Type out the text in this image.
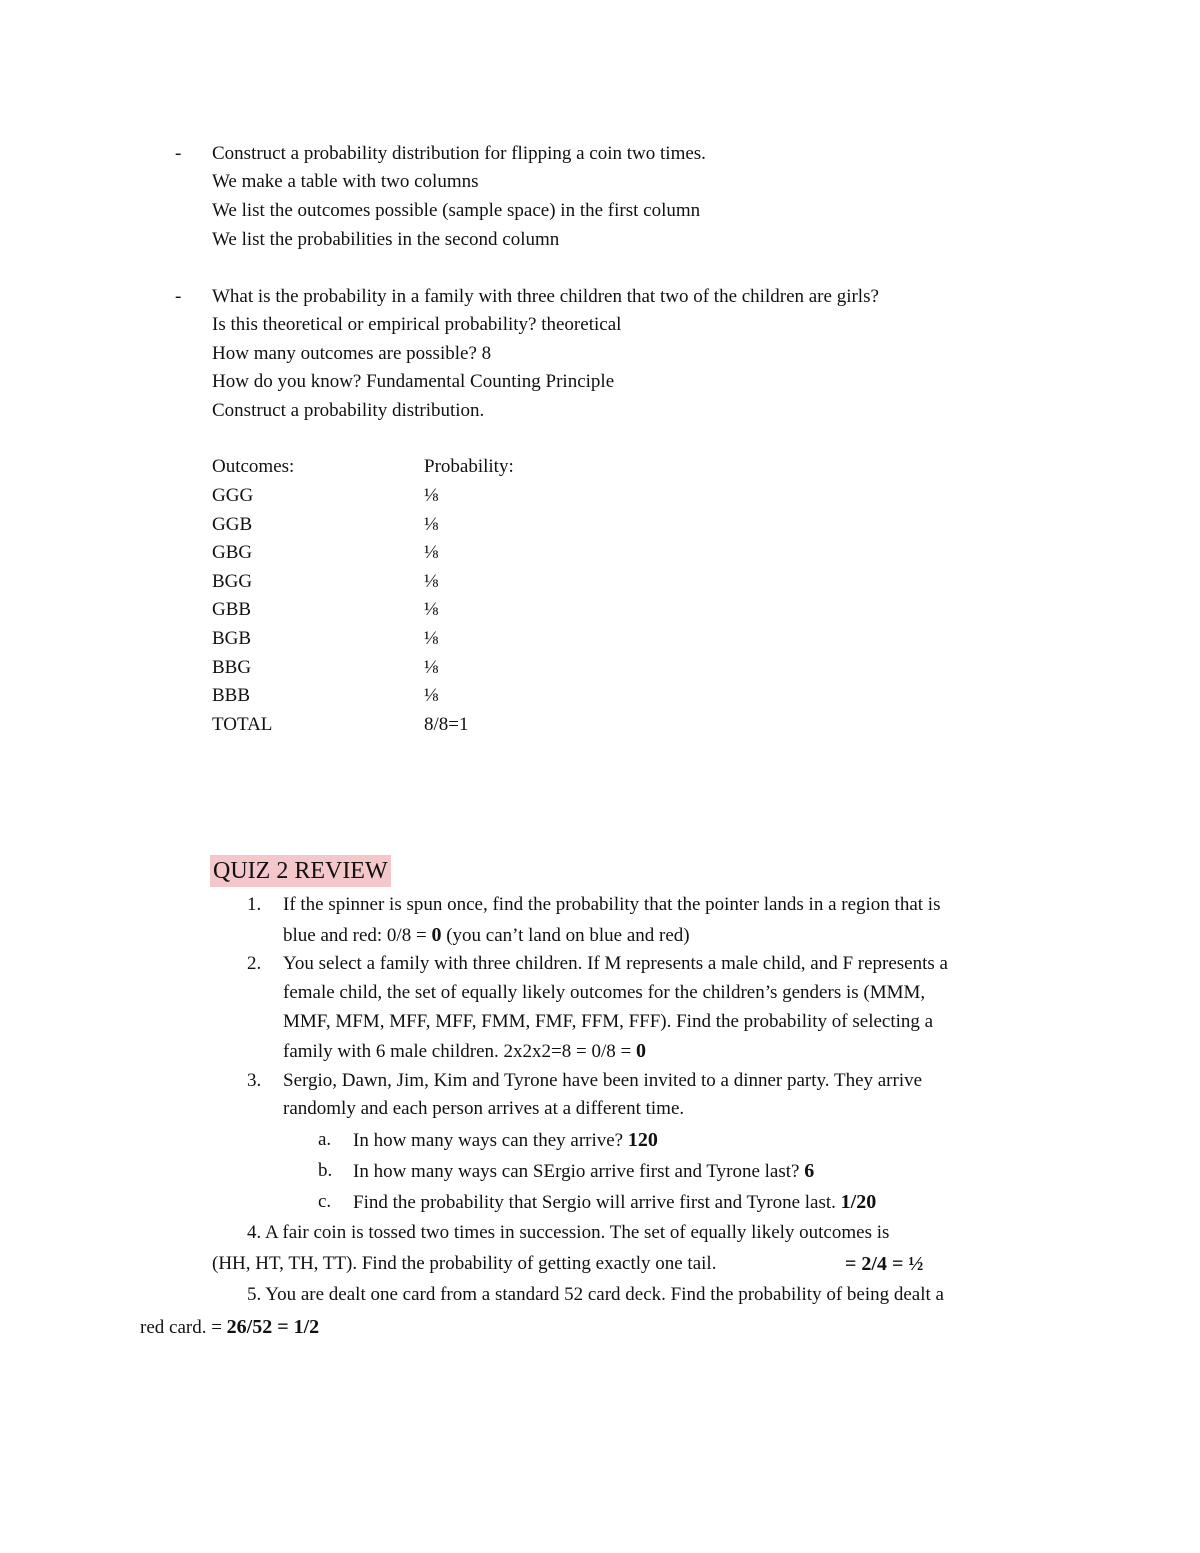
- Construct a probability distribution for flipping a coin two times.
We make a table with two columns
We list the outcomes possible (sample space) in the first column
We list the probabilities in the second column
- What is the probability in a family with three children that two of the children are girls?
Is this theoretical or empirical probability? theoretical
How many outcomes are possible? 8
How do you know? Fundamental Counting Principle
Construct a probability distribution.
Outcomes:	Probability:
GGG	⅛
GGB	⅛
GBG	⅛
BGG	⅛
GBB	⅛
BGB	⅛
BBG	⅛
BBB	⅛
TOTAL	8/8=1
QUIZ 2 REVIEW
1. If the spinner is spun once, find the probability that the pointer lands in a region that is
blue and red: 0/8 = 0 (you can’t land on blue and red)
2. You select a family with three children. If M represents a male child, and F represents a
female child, the set of equally likely outcomes for the children’s genders is (MMM,
MMF, MFM, MFF, MFF, FMM, FMF, FFM, FFF). Find the probability of selecting a
family with 6 male children. 2x2x2=8 = 0/8 = 0
3. Sergio, Dawn, Jim, Kim and Tyrone have been invited to a dinner party. They arrive
randomly and each person arrives at a different time.
a. In how many ways can they arrive? 120
b. In how many ways can SErgio arrive first and Tyrone last? 6
c. Find the probability that Sergio will arrive first and Tyrone last. 1/20
4. A fair coin is tossed two times in succession. The set of equally likely outcomes is
(HH, HT, TH, TT). Find the probability of getting exactly one tail.	= 2/4 = ½
5. You are dealt one card from a standard 52 card deck. Find the probability of being dealt a
red card. = 26/52 = 1/2
